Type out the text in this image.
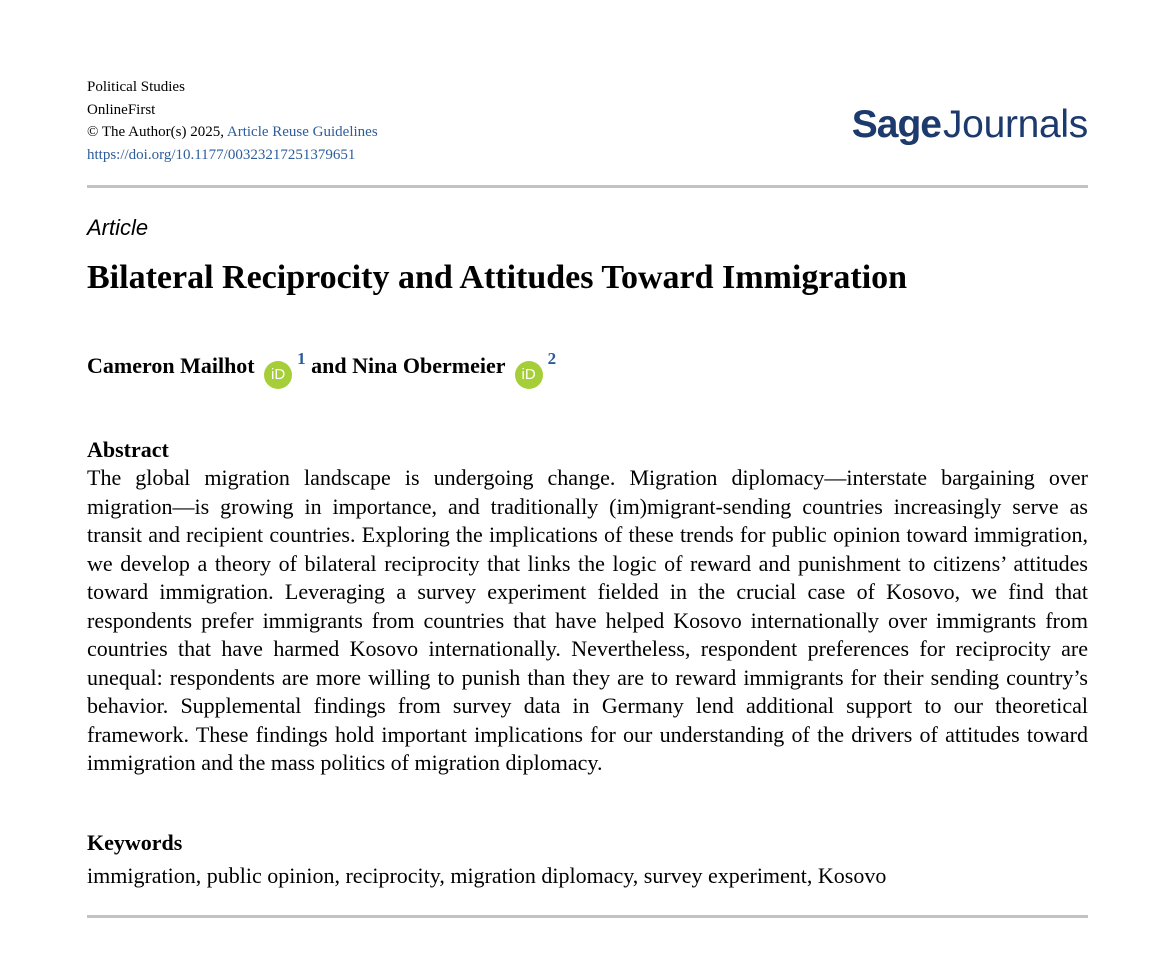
Political Studies
OnlineFirst
© The Author(s) 2025, Article Reuse Guidelines
https://doi.org/10.1177/00323217251379651
SageJournals
Article
Bilateral Reciprocity and Attitudes Toward Immigration
Cameron Mailhot iD$^1$ and Nina Obermeier iD$^2$
Abstract

The global migration landscape is undergoing change. Migration diplomacy—interstate bargaining over migration—is growing in importance, and traditionally (im)migrant-sending countries increasingly serve as transit and recipient countries. Exploring the implications of these trends for public opinion toward immigration, we develop a theory of bilateral reciprocity that links the logic of reward and punishment to citizens’ attitudes toward immigration. Leveraging a survey experiment fielded in the crucial case of Kosovo, we find that respondents prefer immigrants from countries that have helped Kosovo internationally over immigrants from countries that have harmed Kosovo internationally. Nevertheless, respondent preferences for reciprocity are unequal: respondents are more willing to punish than they are to reward immigrants for their sending country’s behavior. Supplemental findings from survey data in Germany lend additional support to our theoretical framework. These findings hold important implications for our understanding of the drivers of attitudes toward immigration and the mass politics of migration diplomacy.

Keywords
immigration, public opinion, reciprocity, migration diplomacy, survey experiment, Kosovo
